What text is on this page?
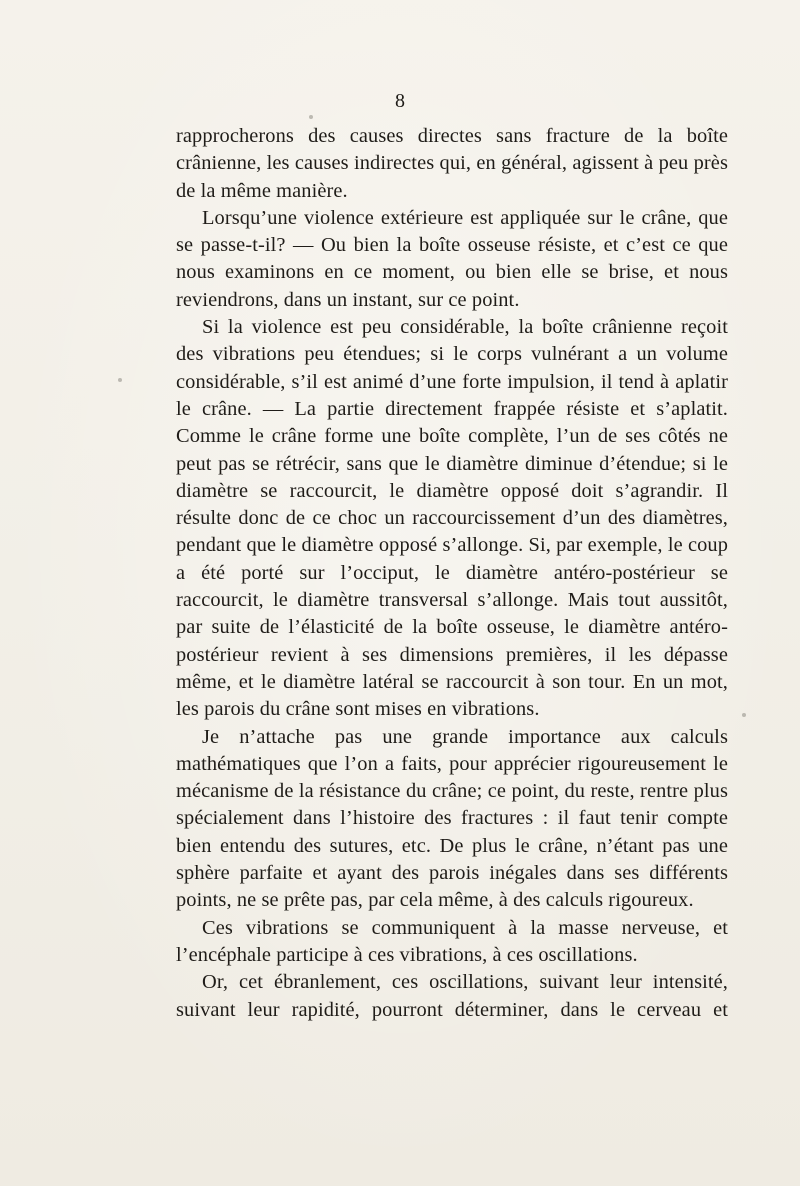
8

rapprocherons des causes directes sans fracture de la boîte crânienne, les causes indirectes qui, en général, agissent à peu près de la même manière.

Lorsqu’une violence extérieure est appliquée sur le crâne, que se passe-t-il? — Ou bien la boîte osseuse résiste, et c’est ce que nous examinons en ce moment, ou bien elle se brise, et nous reviendrons, dans un instant, sur ce point.

Si la violence est peu considérable, la boîte crânienne reçoit des vibrations peu étendues; si le corps vulnérant a un volume considérable, s’il est animé d’une forte impulsion, il tend à aplatir le crâne. — La partie directement frappée résiste et s’aplatit. Comme le crâne forme une boîte complète, l’un de ses côtés ne peut pas se rétrécir, sans que le diamètre diminue d’étendue; si le diamètre se raccourcit, le diamètre opposé doit s’agrandir. Il résulte donc de ce choc un raccourcissement d’un des diamètres, pendant que le diamètre opposé s’allonge. Si, par exemple, le coup a été porté sur l’occiput, le diamètre antéro-postérieur se raccourcit, le diamètre transversal s’allonge. Mais tout aussitôt, par suite de l’élasticité de la boîte osseuse, le diamètre antéro-postérieur revient à ses dimensions premières, il les dépasse même, et le diamètre latéral se raccourcit à son tour. En un mot, les parois du crâne sont mises en vibrations.

Je n’attache pas une grande importance aux calculs mathématiques que l’on a faits, pour apprécier rigoureusement le mécanisme de la résistance du crâne; ce point, du reste, rentre plus spécialement dans l’histoire des fractures : il faut tenir compte bien entendu des sutures, etc. De plus le crâne, n’étant pas une sphère parfaite et ayant des parois inégales dans ses différents points, ne se prête pas, par cela même, à des calculs rigoureux.

Ces vibrations se communiquent à la masse nerveuse, et l’encéphale participe à ces vibrations, à ces oscillations.

Or, cet ébranlement, ces oscillations, suivant leur intensité, suivant leur rapidité, pourront déterminer, dans le cerveau et
